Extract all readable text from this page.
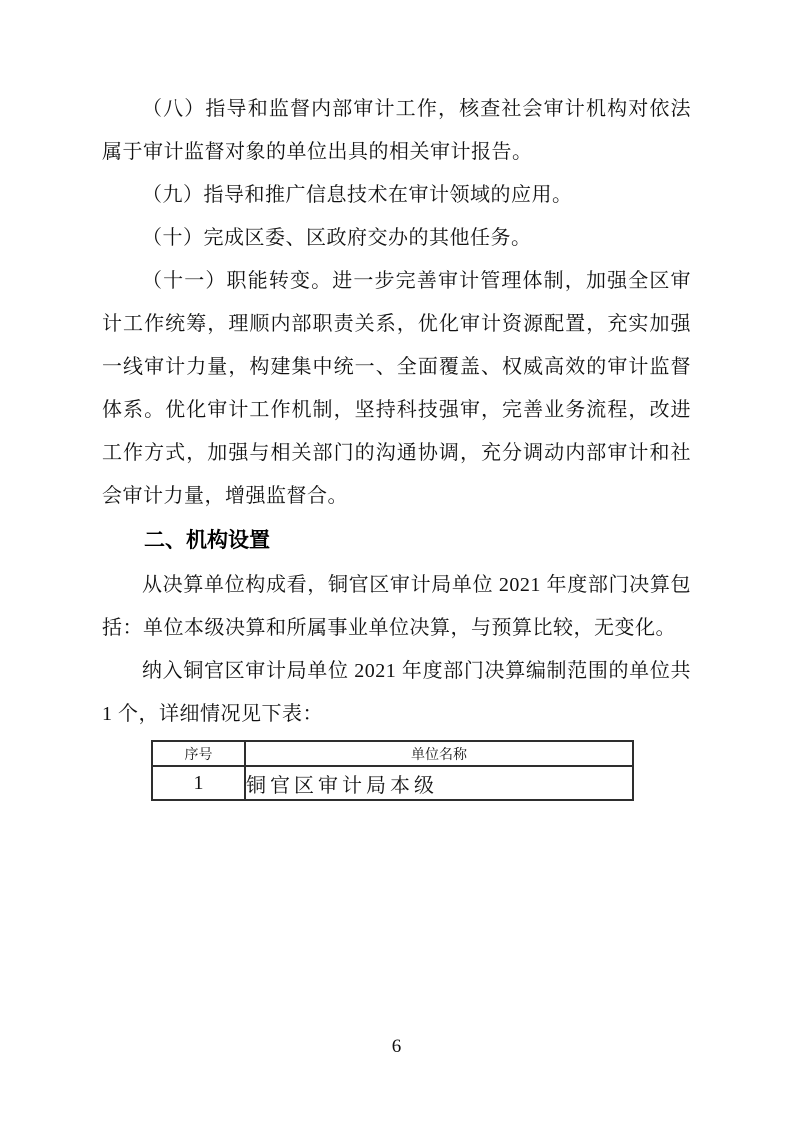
（八）指导和监督内部审计工作，核查社会审计机构对依法属于审计监督对象的单位出具的相关审计报告。

（九）指导和推广信息技术在审计领域的应用。

（十）完成区委、区政府交办的其他任务。

（十一）职能转变。进一步完善审计管理体制，加强全区审计工作统筹，理顺内部职责关系，优化审计资源配置，充实加强一线审计力量，构建集中统一、全面覆盖、权威高效的审计监督体系。优化审计工作机制，坚持科技强审，完善业务流程，改进工作方式，加强与相关部门的沟通协调，充分调动内部审计和社会审计力量，增强监督合。

二、机构设置

从决算单位构成看，铜官区审计局单位 2021 年度部门决算包括：单位本级决算和所属事业单位决算，与预算比较，无变化。

纳入铜官区审计局单位 2021 年度部门决算编制范围的单位共 1 个，详细情况见下表：

序号	单位名称
1	铜官区审计局本级
6
